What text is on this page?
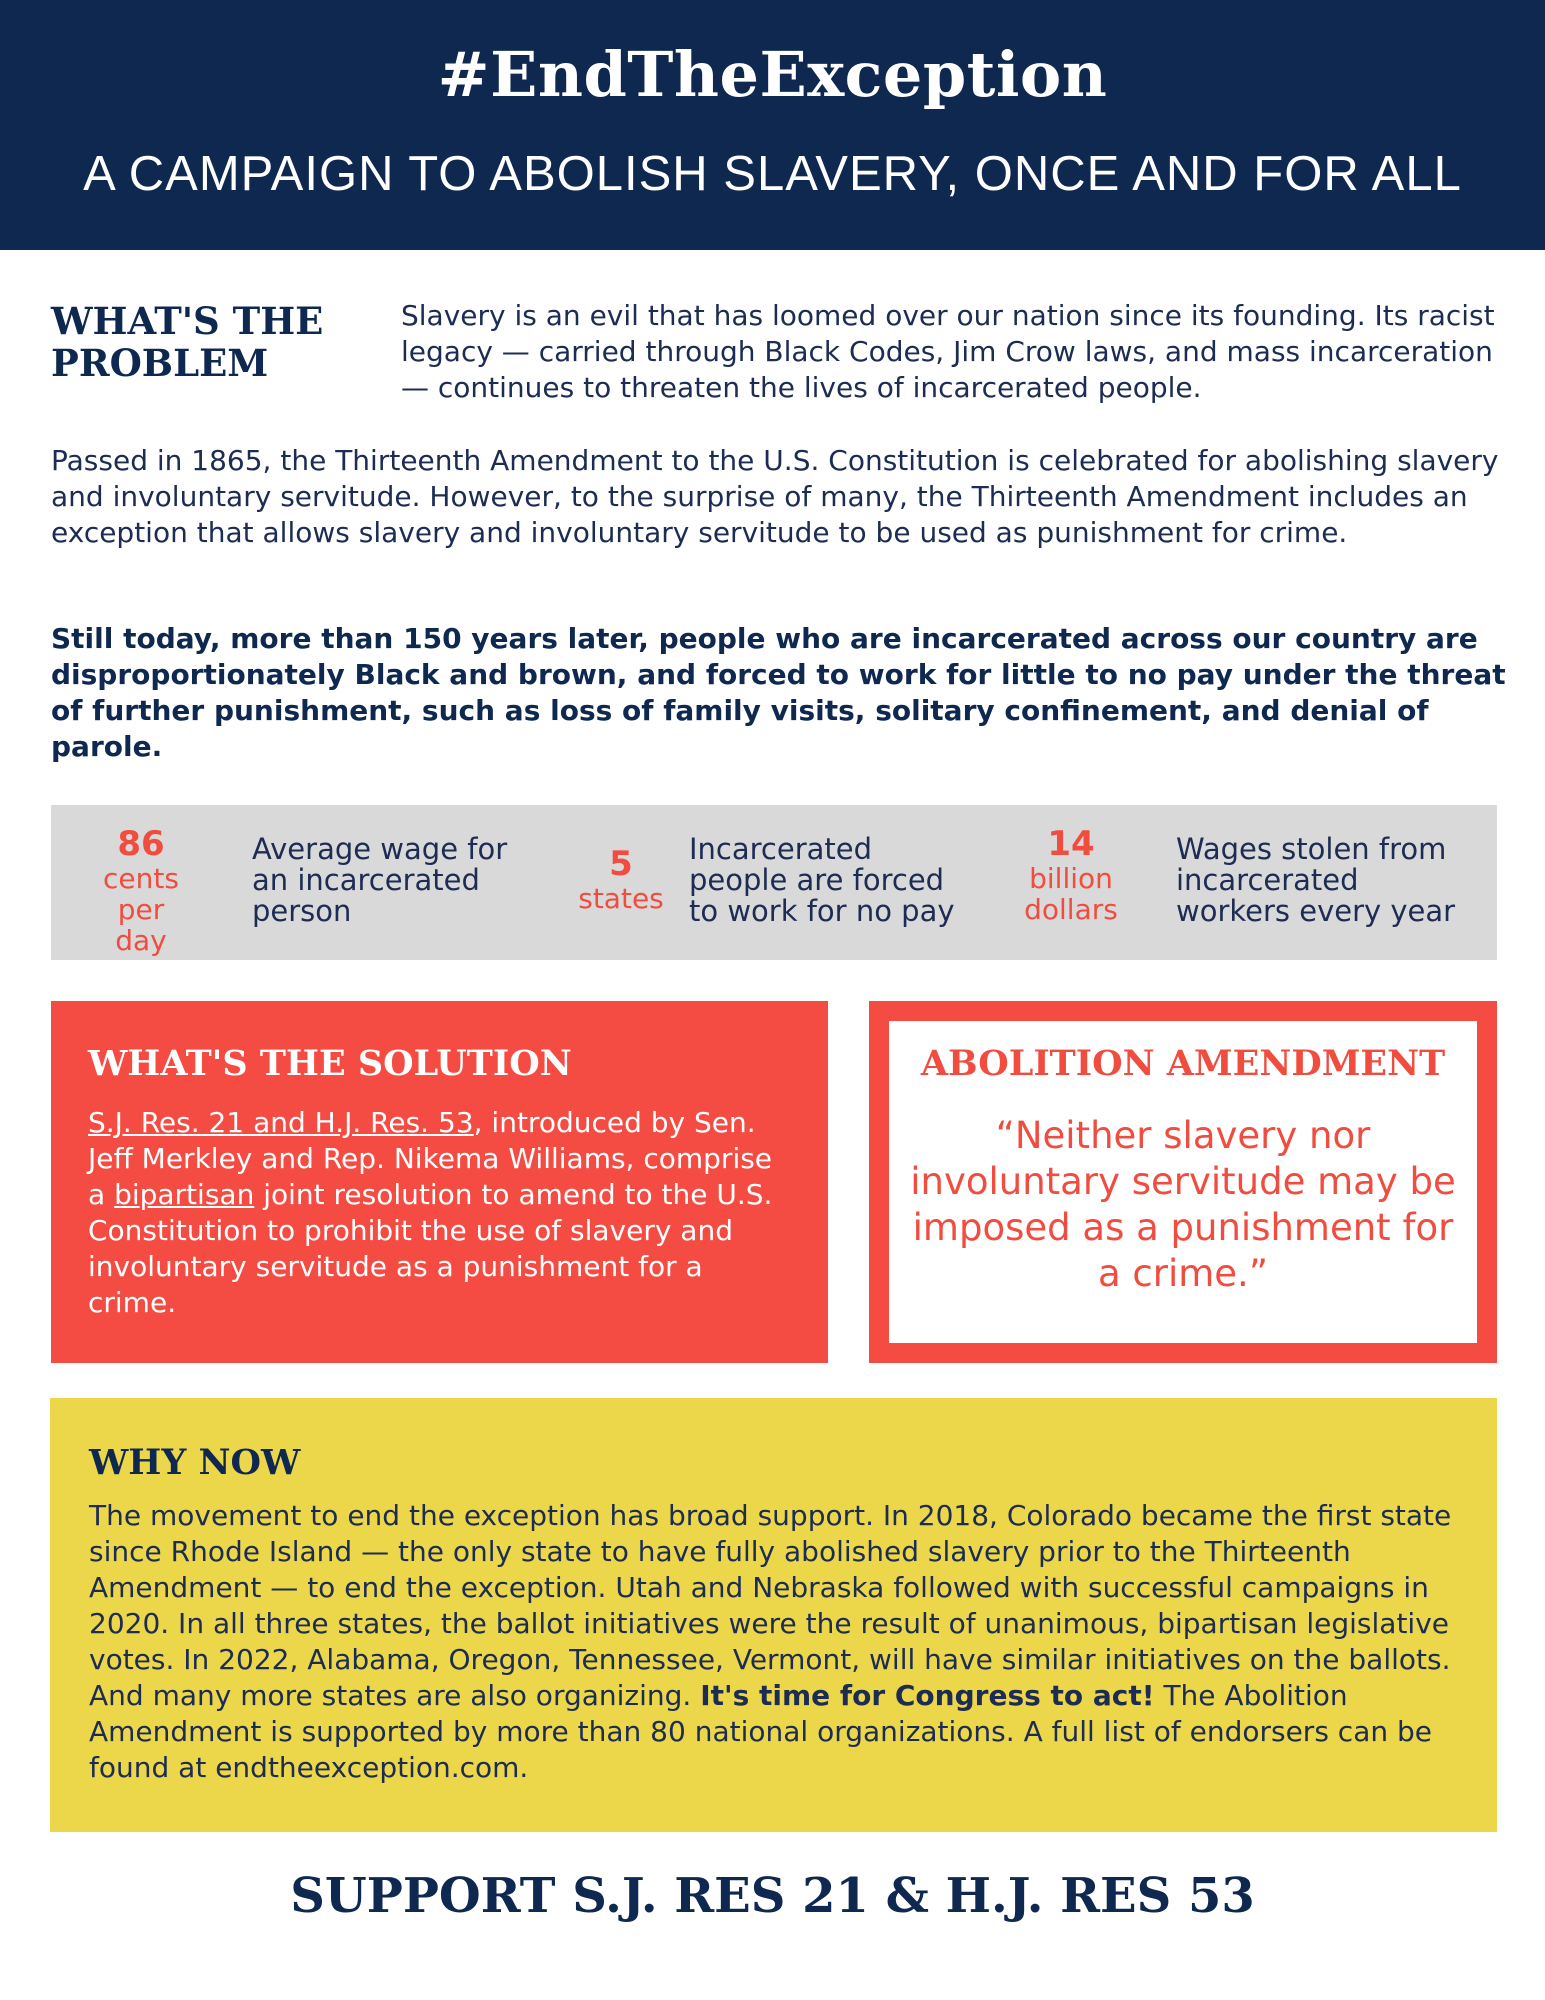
#EndTheException
A CAMPAIGN TO ABOLISH SLAVERY, ONCE AND FOR ALL
WHAT'S THE PROBLEM

Slavery is an evil that has loomed over our nation since its founding. Its racist legacy — carried through Black Codes, Jim Crow laws, and mass incarceration — continues to threaten the lives of incarcerated people.

Passed in 1865, the Thirteenth Amendment to the U.S. Constitution is celebrated for abolishing slavery and involuntary servitude. However, to the surprise of many, the Thirteenth Amendment includes an exception that allows slavery and involuntary servitude to be used as punishment for crime.

Still today, more than 150 years later, people who are incarcerated across our country are disproportionately Black and brown, and forced to work for little to no pay under the threat of further punishment, such as loss of family visits, solitary confinement, and denial of parole.

86
cents
per day
Average wage for an incarcerated person
5
states
Incarcerated people are forced to work for no pay
14
billion
dollars
Wages stolen from incarcerated workers every year
WHAT'S THE SOLUTION

S.J. Res. 21 and H.J. Res. 53, introduced by Sen. Jeff Merkley and Rep. Nikema Williams, comprise a bipartisan joint resolution to amend to the U.S. Constitution to prohibit the use of slavery and involuntary servitude as a punishment for a crime.

ABOLITION AMENDMENT

“Neither slavery nor involuntary servitude may be imposed as a punishment for a crime.”

WHY NOW

The movement to end the exception has broad support. In 2018, Colorado became the first state since Rhode Island — the only state to have fully abolished slavery prior to the Thirteenth Amendment — to end the exception. Utah and Nebraska followed with successful campaigns in 2020. In all three states, the ballot initiatives were the result of unanimous, bipartisan legislative votes. In 2022, Alabama, Oregon, Tennessee, Vermont, will have similar initiatives on the ballots. And many more states are also organizing. It's time for Congress to act! The Abolition Amendment is supported by more than 80 national organizations. A full list of endorsers can be found at endtheexception.com.

SUPPORT S.J. RES 21 & H.J. RES 53
